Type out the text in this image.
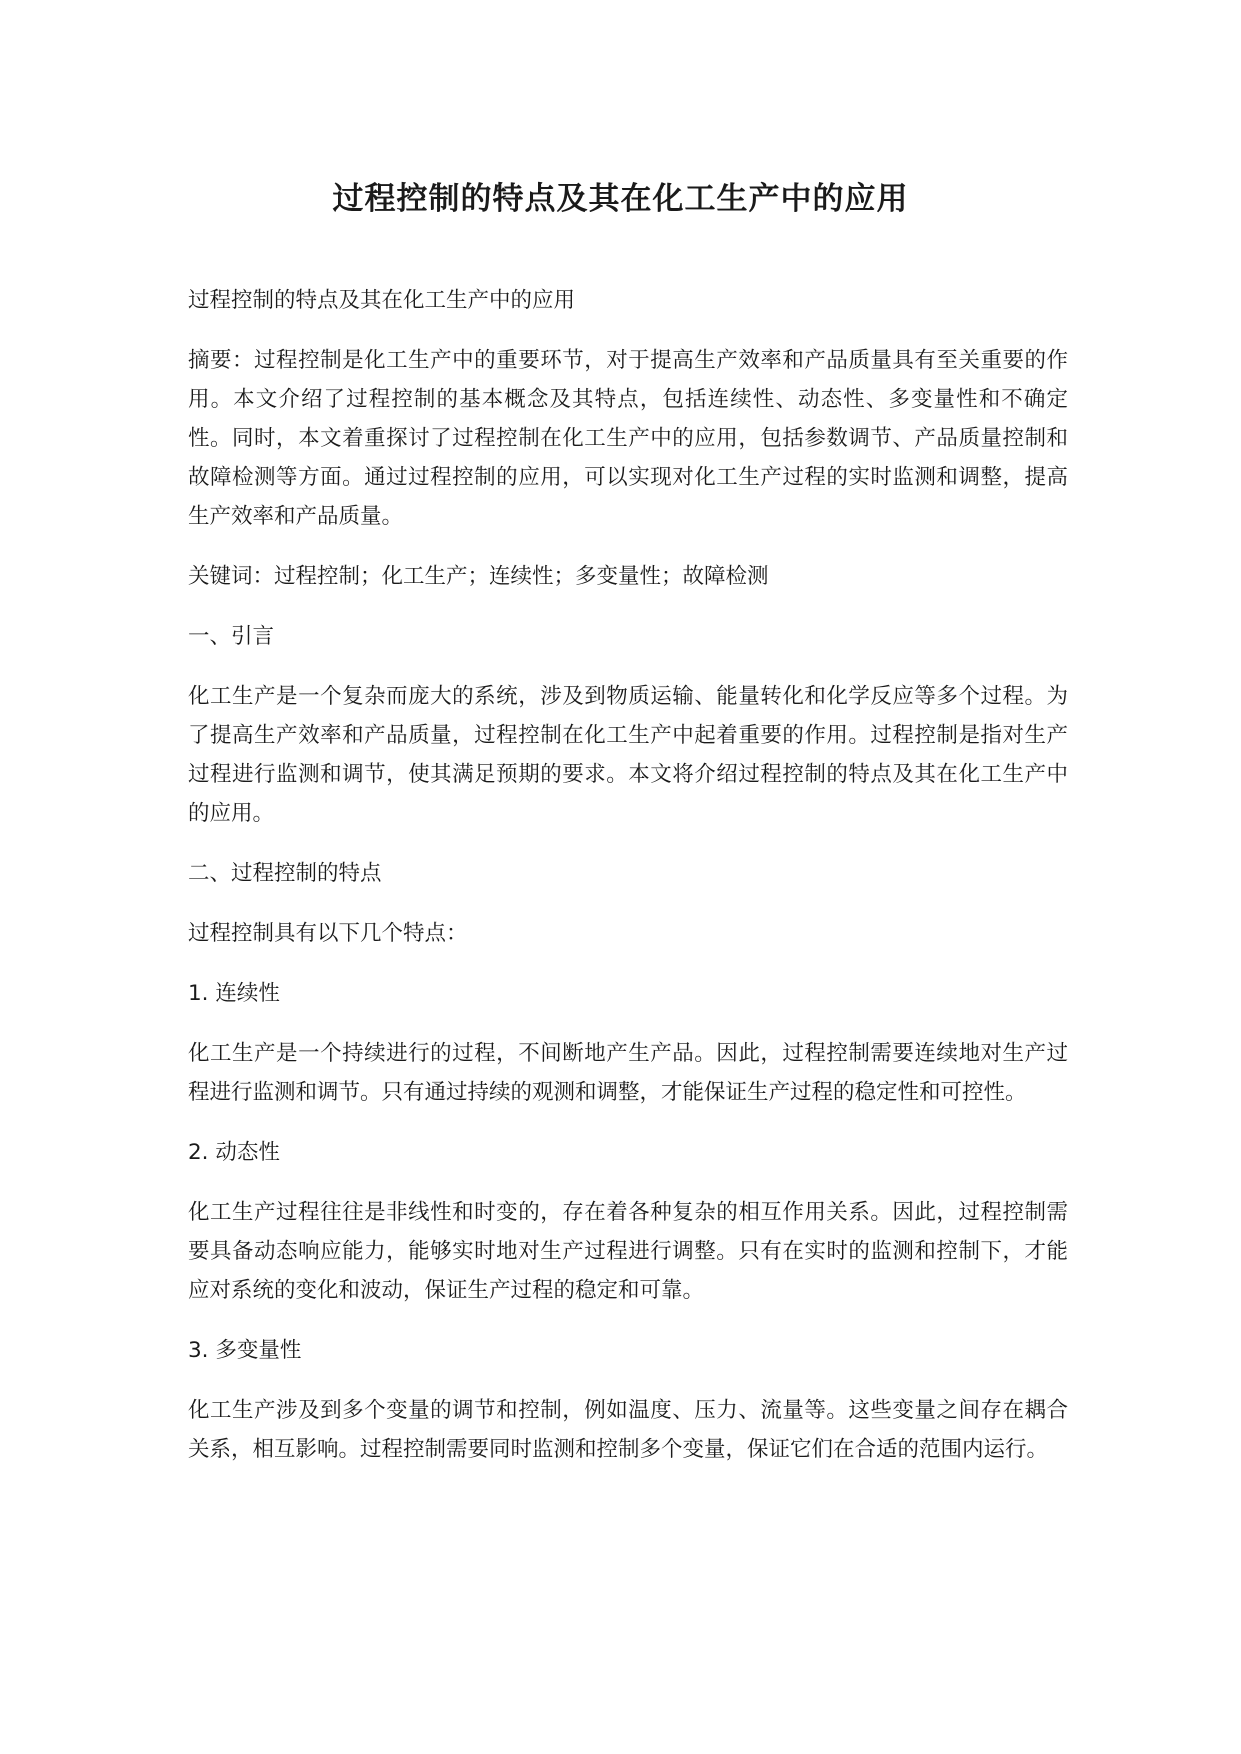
过程控制的特点及其在化工生产中的应用

过程控制的特点及其在化工生产中的应用

摘要：过程控制是化工生产中的重要环节，对于提高生产效率和产品质量具有至关重要的作用。本文介绍了过程控制的基本概念及其特点，包括连续性、动态性、多变量性和不确定性。同时，本文着重探讨了过程控制在化工生产中的应用，包括参数调节、产品质量控制和故障检测等方面。通过过程控制的应用，可以实现对化工生产过程的实时监测和调整，提高生产效率和产品质量。

关键词：过程控制；化工生产；连续性；多变量性；故障检测

一、引言

化工生产是一个复杂而庞大的系统，涉及到物质运输、能量转化和化学反应等多个过程。为了提高生产效率和产品质量，过程控制在化工生产中起着重要的作用。过程控制是指对生产过程进行监测和调节，使其满足预期的要求。本文将介绍过程控制的特点及其在化工生产中的应用。

二、过程控制的特点

过程控制具有以下几个特点：

1. 连续性

化工生产是一个持续进行的过程，不间断地产生产品。因此，过程控制需要连续地对生产过程进行监测和调节。只有通过持续的观测和调整，才能保证生产过程的稳定性和可控性。

2. 动态性

化工生产过程往往是非线性和时变的，存在着各种复杂的相互作用关系。因此，过程控制需要具备动态响应能力，能够实时地对生产过程进行调整。只有在实时的监测和控制下，才能应对系统的变化和波动，保证生产过程的稳定和可靠。

3. 多变量性

化工生产涉及到多个变量的调节和控制，例如温度、压力、流量等。这些变量之间存在耦合关系，相互影响。过程控制需要同时监测和控制多个变量，保证它们在合适的范围内运行。
